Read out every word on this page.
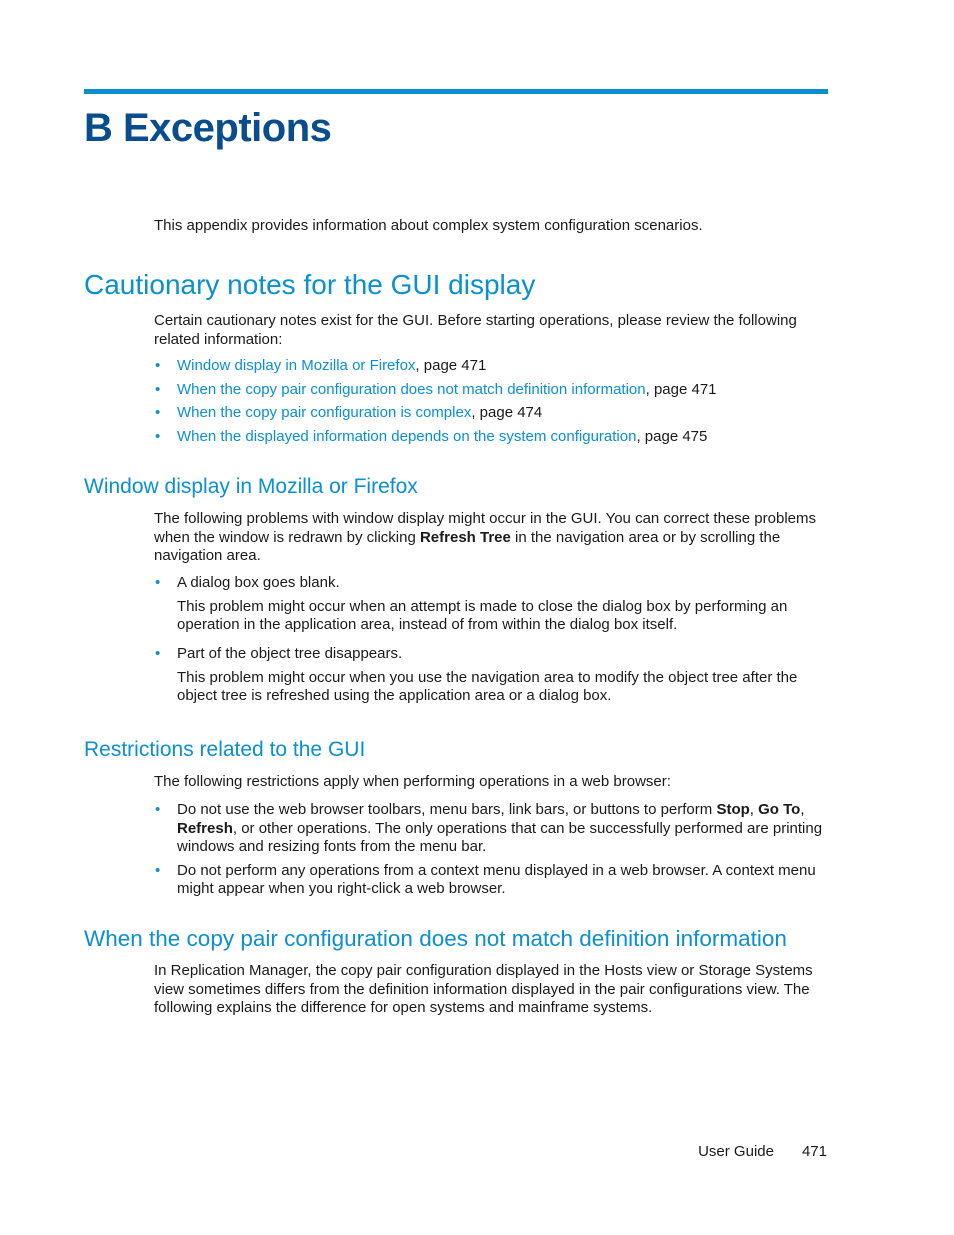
B Exceptions

This appendix provides information about complex system configuration scenarios.

Cautionary notes for the GUI display

Certain cautionary notes exist for the GUI. Before starting operations, please review the following related information:

• Window display in Mozilla or Firefox, page 471
• When the copy pair configuration does not match definition information, page 471
• When the copy pair configuration is complex, page 474
• When the displayed information depends on the system configuration, page 475
Window display in Mozilla or Firefox

The following problems with window display might occur in the GUI. You can correct these problems when the window is redrawn by clicking Refresh Tree in the navigation area or by scrolling the navigation area.

• A dialog box goes blank.
This problem might occur when an attempt is made to close the dialog box by performing an operation in the application area, instead of from within the dialog box itself.
• Part of the object tree disappears.
This problem might occur when you use the navigation area to modify the object tree after the object tree is refreshed using the application area or a dialog box.
Restrictions related to the GUI

The following restrictions apply when performing operations in a web browser:

• Do not use the web browser toolbars, menu bars, link bars, or buttons to perform Stop, Go To, Refresh, or other operations. The only operations that can be successfully performed are printing windows and resizing fonts from the menu bar.
• Do not perform any operations from a context menu displayed in a web browser. A context menu might appear when you right-click a web browser.
When the copy pair configuration does not match definition information

In Replication Manager, the copy pair configuration displayed in the Hosts view or Storage Systems view sometimes differs from the definition information displayed in the pair configurations view. The following explains the difference for open systems and mainframe systems.

User Guide 471
